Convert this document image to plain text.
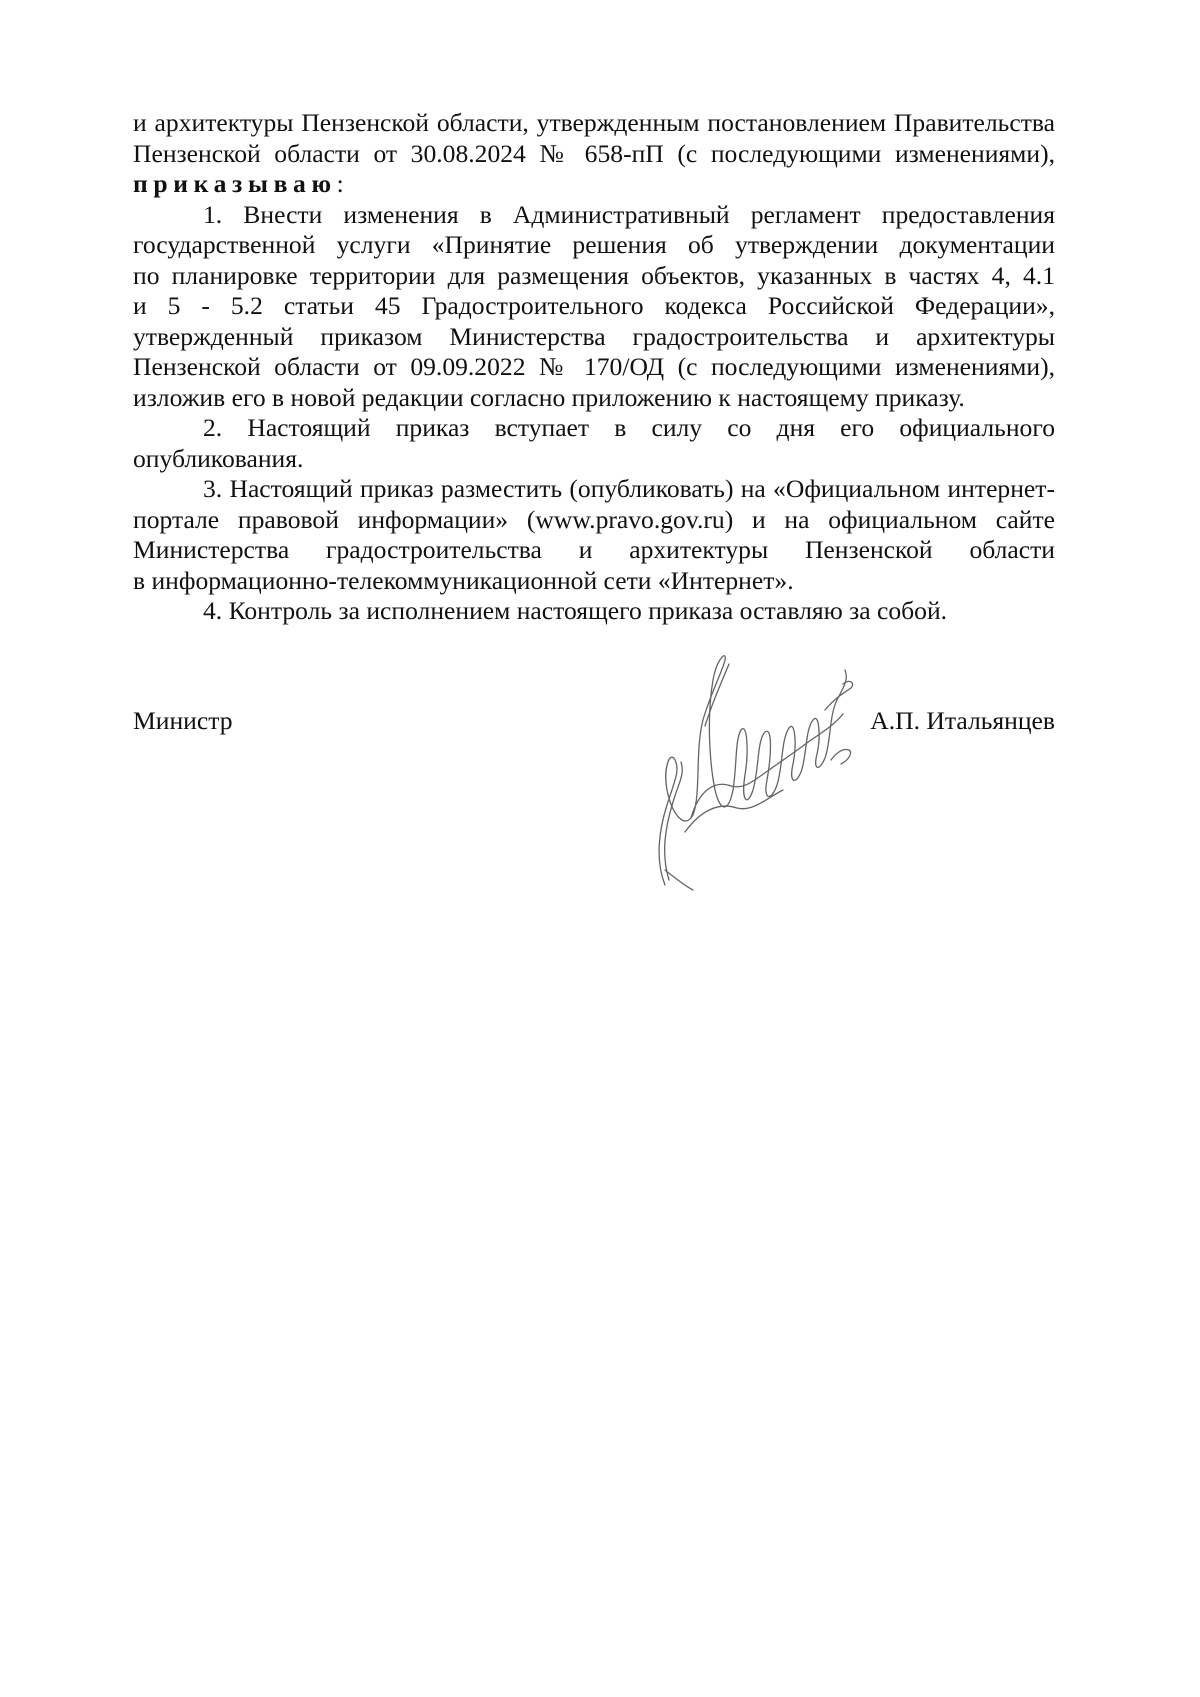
и архитектуры Пензенской области, утвержденным постановлением Правительства
Пензенской области от 30.08.2024 № 658-пП (с последующими изменениями),
приказываю:
1. Внести изменения в Административный регламент предоставления
государственной услуги «Принятие решения об утверждении документации
по планировке территории для размещения объектов, указанных в частях 4, 4.1
и 5 - 5.2 статьи 45 Градостроительного кодекса Российской Федерации»,
утвержденный приказом Министерства градостроительства и архитектуры
Пензенской области от 09.09.2022 № 170/ОД (с последующими изменениями),
изложив его в новой редакции согласно приложению к настоящему приказу.
2. Настоящий приказ вступает в силу со дня его официального
опубликования.
3. Настоящий приказ разместить (опубликовать) на «Официальном интернет-
портале правовой информации» (www.pravo.gov.ru) и на официальном сайте
Министерства градостроительства и архитектуры Пензенской области
в информационно-телекоммуникационной сети «Интернет».
4. Контроль за исполнением настоящего приказа оставляю за собой.
Министр	А.П. Итальянцев
